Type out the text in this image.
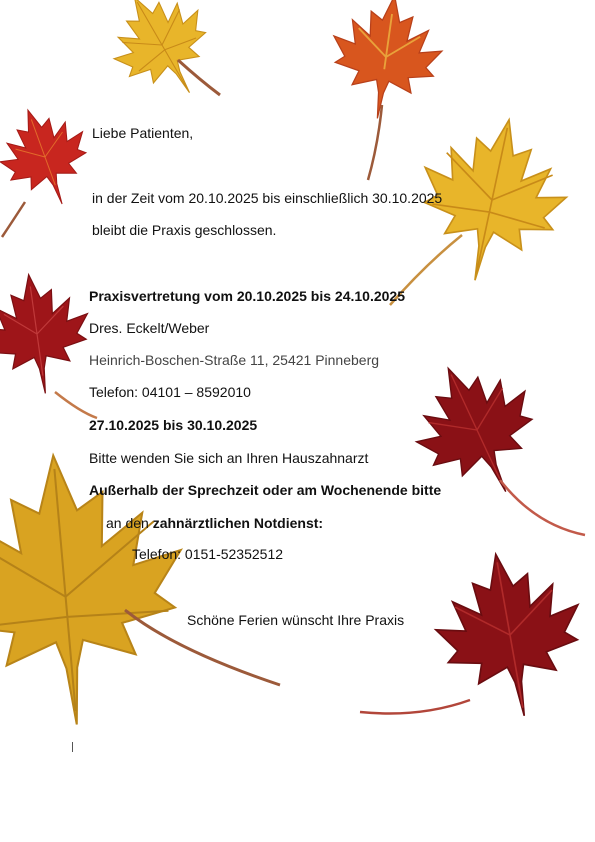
Liebe Patienten,
in der Zeit vom 20.10.2025 bis einschließlich 30.10.2025
bleibt die Praxis geschlossen.
Praxisvertretung vom 20.10.2025 bis 24.10.2025
Dres. Eckelt/Weber
Heinrich-Boschen-Straße 11, 25421 Pinneberg
Telefon: 04101 – 8592010
27.10.2025 bis 30.10.2025
Bitte wenden Sie sich an Ihren Hauszahnarzt
Außerhalb der Sprechzeit oder am Wochenende bitte
an den zahnärztlichen Notdienst:
Telefon: 0151-52352512
Schöne Ferien wünscht Ihre Praxis
